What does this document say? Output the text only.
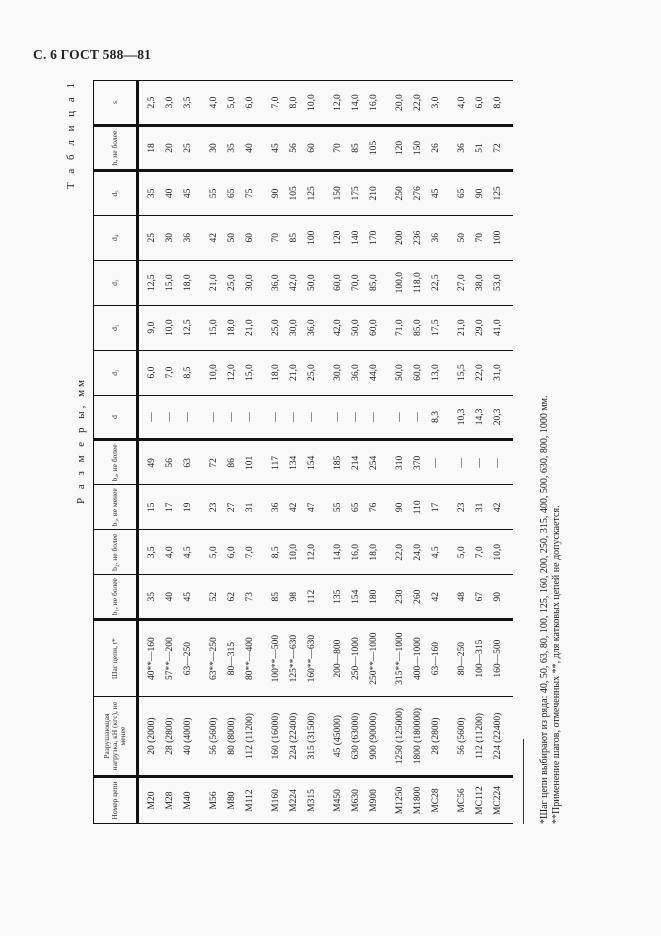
С. 6 ГОСТ 588—81
Т а б л и ц а 1
Р а з м е р ы, мм
Номер цепи	Разрушающая нагрузка, кН (кгс), не менее	Шаг цепи, t*	b₁, не более	b₂, не более	b₃, не менее	b₄, не более	d	d₁	d₂	d₃	d₄	d₅	h, не более	s
M20	20 (2000)	40**—160	35	3,5	15	49	—	6,0	9,0	12,5	25	35	18	2,5
M28	28 (2800)	57**—200	40	4,0	17	56	—	7,0	10,0	15,0	30	40	20	3,0
M40	40 (4000)	63—250	45	4,5	19	63	—	8,5	12,5	18,0	36	45	25	3,5
M56	56 (5600)	63**—250	52	5,0	23	72	—	10,0	15,0	21,0	42	55	30	4,0
M80	80 (8000)	80—315	62	6,0	27	86	—	12,0	18,0	25,0	50	65	35	5,0
M112	112 (11200)	80**—400	73	7,0	31	101	—	15,0	21,0	30,0	60	75	40	6,0
M160	160 (16000)	100**—500	85	8,5	36	117	—	18,0	25,0	36,0	70	90	45	7,0
M224	224 (22400)	125**—630	98	10,0	42	134	—	21,0	30,0	42,0	85	105	56	8,0
M315	315 (31500)	160**—630	112	12,0	47	154	—	25,0	36,0	50,0	100	125	60	10,0
M450	45 (45000)	200—800	135	14,0	55	185	—	30,0	42,0	60,0	120	150	70	12,0
M630	630 (63000)	250—1000	154	16,0	65	214	—	36,0	50,0	70,0	140	175	85	14,0
M900	900 (90000)	250**—1000	180	18,0	76	254	—	44,0	60,0	85,0	170	210	105	16,0
M1250	1250 (125000)	315**—1000	230	22,0	90	310	—	50,0	71,0	100,0	200	250	120	20,0
M1800	1800 (180000)	400—1000	260	24,0	110	370	—	60,0	85,0	118,0	236	276	150	22,0
MC28	28 (2800)	63—160	42	4,5	17	—	8,3	13,0	17,5	22,5	36	45	26	3,0
MC56	56 (5600)	80—250	48	5,0	23	—	10,3	15,5	21,0	27,0	50	65	36	4,0
MC112	112 (11200)	100—315	67	7,0	31	—	14,3	22,0	29,0	38,0	70	90	51	6,0
MC224	224 (22400)	160—500	90	10,0	42	—	20,3	31,0	41,0	53,0	100	125	72	8,0
*Шаг цепи выбирают из ряда: 40, 50, 63, 80, 100, 125, 160, 200, 250, 315, 400, 500, 630, 800, 1000 мм. **Применение шагов, отмеченных **, для катковых цепей не допускается.
